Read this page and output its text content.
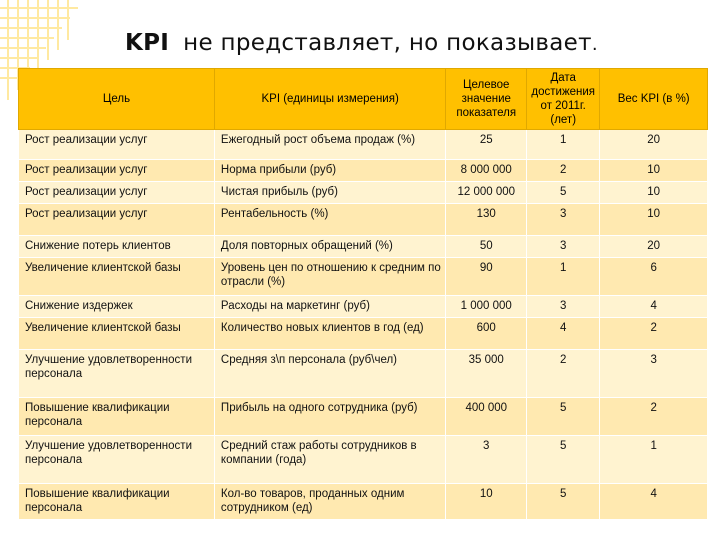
KPI не представляет, но показывает.
Цель	KPI (единицы измерения)	Целевое значение показателя	Дата достижения от 2011г. (лет)	Вес KPI (в %)
Рост реализации услуг	Ежегодный рост объема продаж (%)	25	1	20
Рост реализации услуг	Норма прибыли (руб)	8 000 000	2	10
Рост реализации услуг	Чистая прибыль (руб)	12 000 000	5	10
Рост реализации услуг	Рентабельность (%)	130	3	10
Снижение потерь клиентов	Доля повторных обращений (%)	50	3	20
Увеличение клиентской базы	Уровень цен по отношению к средним по отрасли (%)	90	1	6
Снижение издержек	Расходы на маркетинг (руб)	1 000 000	3	4
Увеличение клиентской базы	Количество новых клиентов в год (ед)	600	4	2
Улучшение удовлетворенности персонала	Средняя з\п персонала (руб\чел)	35 000	2	3
Повышение квалификации персонала	Прибыль на одного сотрудника (руб)	400 000	5	2
Улучшение удовлетворенности персонала	Средний стаж работы сотрудников в компании (года)	3	5	1
Повышение квалификации персонала	Кол-во товаров, проданных одним сотрудником (ед)	10	5	4
